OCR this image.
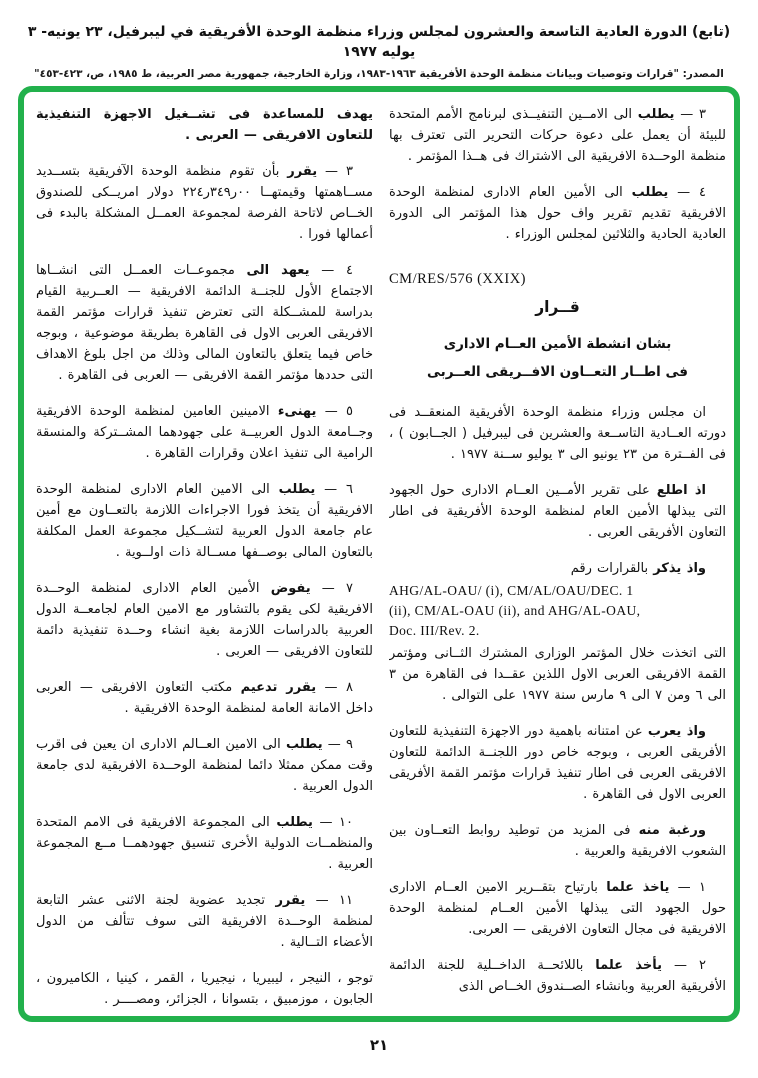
(تابع) الدورة العادية التاسعة والعشرون لمجلس وزراء منظمة الوحدة الأفريقية في ليبرفيل، ٢٣ يونيه- ٣ يوليه ١٩٧٧
المصدر: "قرارات وتوصيات وبيانات منظمة الوحدة الأفريقية ١٩٦٣-١٩٨٣، وزارة الخارجية، جمهورية مصر العربية، ط ١٩٨٥، ص، ٤٢٣-٤٥٣"

٣ — يطلب الى الامــين التنفيــذى لبرنامج الأمم المتحدة للبيئة أن يعمل على دعوة حركات التحرير التى تعترف بها منظمة الوحــدة الافريقية الى الاشتراك فى هــذا المؤتمر .

٤ — يطلب الى الأمين العام الادارى لمنظمة الوحدة الافريقية تقديم تقرير واف حول هذا المؤتمر الى الدورة العادية الحادية والثلاثين لمجلس الوزراء .

CM/RES/576 (XXIX)

قــرار

بشان انشطة الأمين العــام الادارى

فى اطــار التعــاون الافــريقى العــربى

ان مجلس وزراء منظمة الوحدة الأفريقية المنعقــد فى دورته العــادية التاســعة والعشرين فى ليبرفيل ( الجــابون ) ، فى الفــترة من ٢٣ يونيو الى ٣ يوليو ســنة ١٩٧٧ .

اذ اطلع على تقرير الأمــين العــام الادارى حول الجهود التى يبذلها الأمين العام لمنظمة الوحدة الأفريقية فى اطار التعاون الأفريقى العربى .

واذ يذكر بالقرارات رقم

AHG/AL-OAU/ (i), CM/AL/OAU/DEC. 1
(ii), CM/AL-OAU (ii), and AHG/AL-OAU,
Doc. III/Rev. 2.

التى اتخذت خلال المؤتمر الوزارى المشترك الثــانى ومؤتمر القمة الافريقى العربى الاول اللذين عقــدا فى القاهرة من ٣ الى ٦ ومن ٧ الى ٩ مارس سنة ١٩٧٧ على التوالى .

واذ يعرب عن امتنانه باهمية دور الاجهزة التنفيذية للتعاون الأفريقى العربى ، وبوجه خاص دور اللجنــة الدائمة للتعاون الافريقى العربى فى اطار تنفيذ قرارات مؤتمر القمة الأفريقى العربى الاول فى القاهرة .

ورغبة منه فى المزيد من توطيد روابط التعــاون بين الشعوب الافريقية والعربية .

١ — ياخذ علما بارتياح بتقــرير الامين العــام الادارى حول الجهود التى يبذلها الأمين العــام لمنظمة الوحدة الافريقية فى مجال التعاون الافريقى — العربى.

٢ — يأخذ علما باللائحــة الداخــلية للجنة الدائمة الأفريقية العربية وبانشاء الصــندوق الخــاص الذى

يهدف للمساعدة فى تشــغيل الاجهزة التنفيذية للتعاون الافريقى — العربى .

٣ — يقرر بأن تقوم منظمة الوحدة الآفريقية بتســديد مســاهمتها وقيمتهــا ٠٠ر٣٤٩ر٢٢٤ دولار امريــكى للصندوق الخــاص لاتاحة الفرصة لمجموعة العمــل المشكلة بالبدء فى أعمالها فورا .

٤ — يعهد الى مجموعــات العمــل التى انشــاها الاجتماع الأول للجنــة الدائمة الافريقية — العــربية القيام بدراسة للمشــكلة التى تعترض تنفيذ قرارات مؤتمر القمة الافريقى العربى الاول فى القاهرة بطريقة موضوعية ، وبوجه خاص فيما يتعلق بالتعاون المالى وذلك من اجل بلوغ الاهداف التى حددها مؤتمر القمة الافريقى — العربى فى القاهرة .

٥ — يهنىء الامينين العامين لمنظمة الوحدة الافريقية وجــامعة الدول العربيــة على جهودهما المشــتركة والمنسقة الرامية الى تنفيذ اعلان وقرارات القاهرة .

٦ — يطلب الى الامين العام الادارى لمنظمة الوحدة الافريقية أن يتخذ فورا الاجراءات اللازمة بالتعــاون مع أمين عام جامعة الدول العربية لتشــكيل مجموعة العمل المكلفة بالتعاون المالى بوصــفها مســالة ذات اولــوية .

٧ — يفوض الأمين العام الادارى لمنظمة الوحــدة الافريقية لكى يقوم بالتشاور مع الامين العام لجامعــة الدول العربية بالدراسات اللازمة بغية انشاء وحــدة تنفيذية دائمة للتعاون الافريقى — العربى .

٨ — يقرر تدعيم مكتب التعاون الافريقى — العربى داخل الامانة العامة لمنظمة الوحدة الافريقية .

٩ — يطلب الى الامين العــالم الادارى ان يعين فى اقرب وقت ممكن ممثلا دائما لمنظمة الوحــدة الافريقية لدى جامعة الدول العربية .

١٠ — يطلب الى المجموعة الافريقية فى الامم المتحدة والمنظمــات الدولية الأخرى تنسيق جهودهمــا مــع المجموعة العربية .

١١ — يقرر تجديد عضوية لجنة الاثنى عشر التابعة لمنظمة الوحــدة الافريقية التى سوف تتألف من الدول الأعضاء التــالية .

توجو ، النيجر ، ليبيريا ، نيجيريا ، القمر ، كينيا ، الكاميرون ، الجابون ، موزمبيق ، بتسوانا ، الجزائر، ومصــــر .

٢١
